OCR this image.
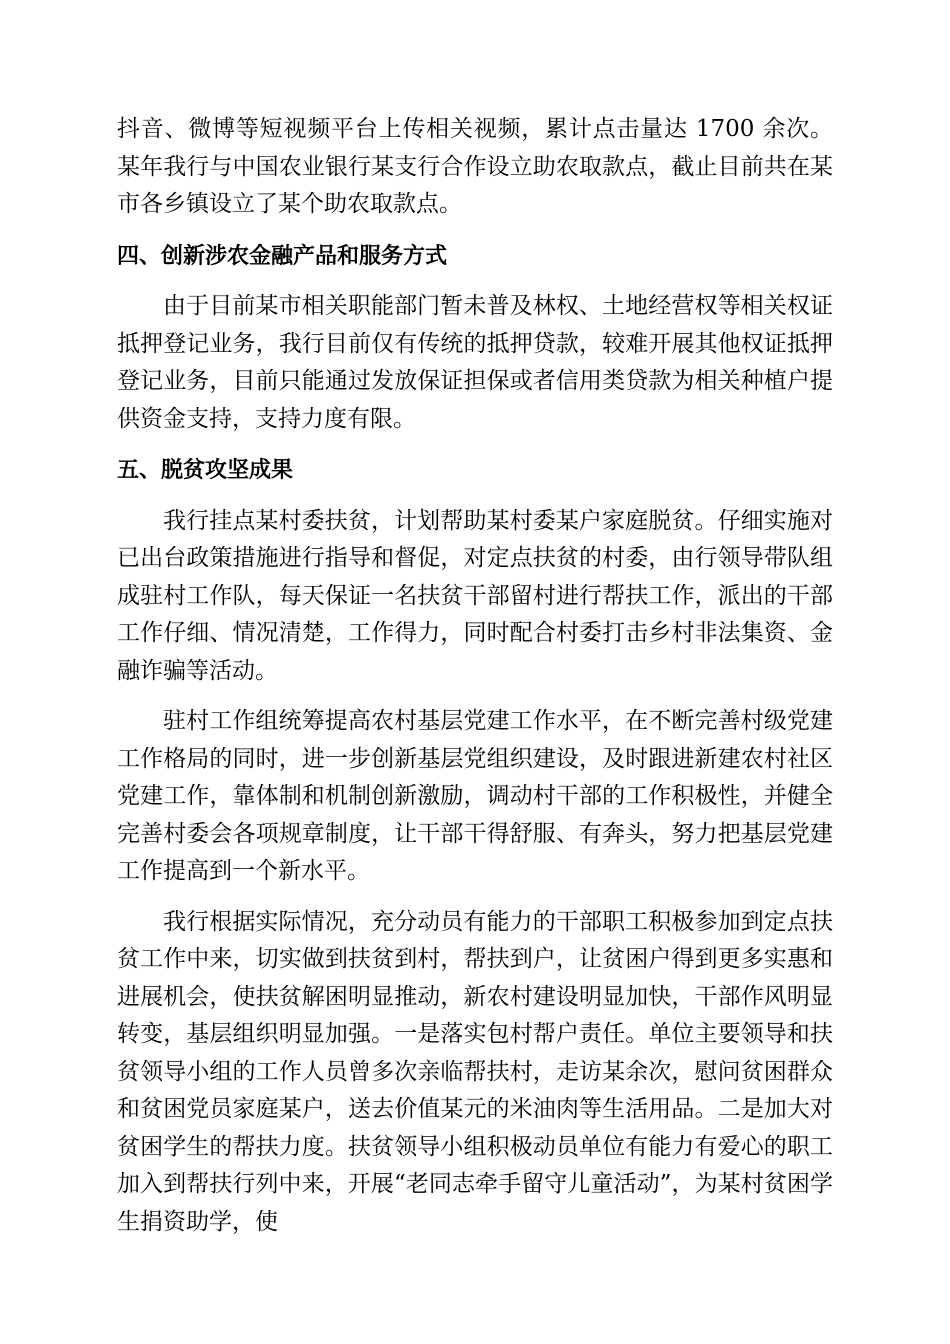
抖音、微博等短视频平台上传相关视频，累计点击量达 1700 余次。某年我行与中国农业银行某支行合作设立助农取款点，截止目前共在某市各乡镇设立了某个助农取款点。

四、创新涉农金融产品和服务方式

由于目前某市相关职能部门暂未普及林权、土地经营权等相关权证抵押登记业务，我行目前仅有传统的抵押贷款，较难开展其他权证抵押登记业务，目前只能通过发放保证担保或者信用类贷款为相关种植户提供资金支持，支持力度有限。

五、脱贫攻坚成果

我行挂点某村委扶贫，计划帮助某村委某户家庭脱贫。仔细实施对已出台政策措施进行指导和督促，对定点扶贫的村委，由行领导带队组成驻村工作队，每天保证一名扶贫干部留村进行帮扶工作，派出的干部工作仔细、情况清楚，工作得力，同时配合村委打击乡村非法集资、金融诈骗等活动。

驻村工作组统筹提高农村基层党建工作水平，在不断完善村级党建工作格局的同时，进一步创新基层党组织建设，及时跟进新建农村社区党建工作，靠体制和机制创新激励，调动村干部的工作积极性，并健全完善村委会各项规章制度，让干部干得舒服、有奔头，努力把基层党建工作提高到一个新水平。

我行根据实际情况，充分动员有能力的干部职工积极参加到定点扶贫工作中来，切实做到扶贫到村，帮扶到户，让贫困户得到更多实惠和进展机会，使扶贫解困明显推动，新农村建设明显加快，干部作风明显转变，基层组织明显加强。一是落实包村帮户责任。单位主要领导和扶贫领导小组的工作人员曾多次亲临帮扶村，走访某余次，慰问贫困群众和贫困党员家庭某户，送去价值某元的米油肉等生活用品。二是加大对贫困学生的帮扶力度。扶贫领导小组积极动员单位有能力有爱心的职工加入到帮扶行列中来，开展“老同志牵手留守儿童活动”，为某村贫困学生捐资助学，使
